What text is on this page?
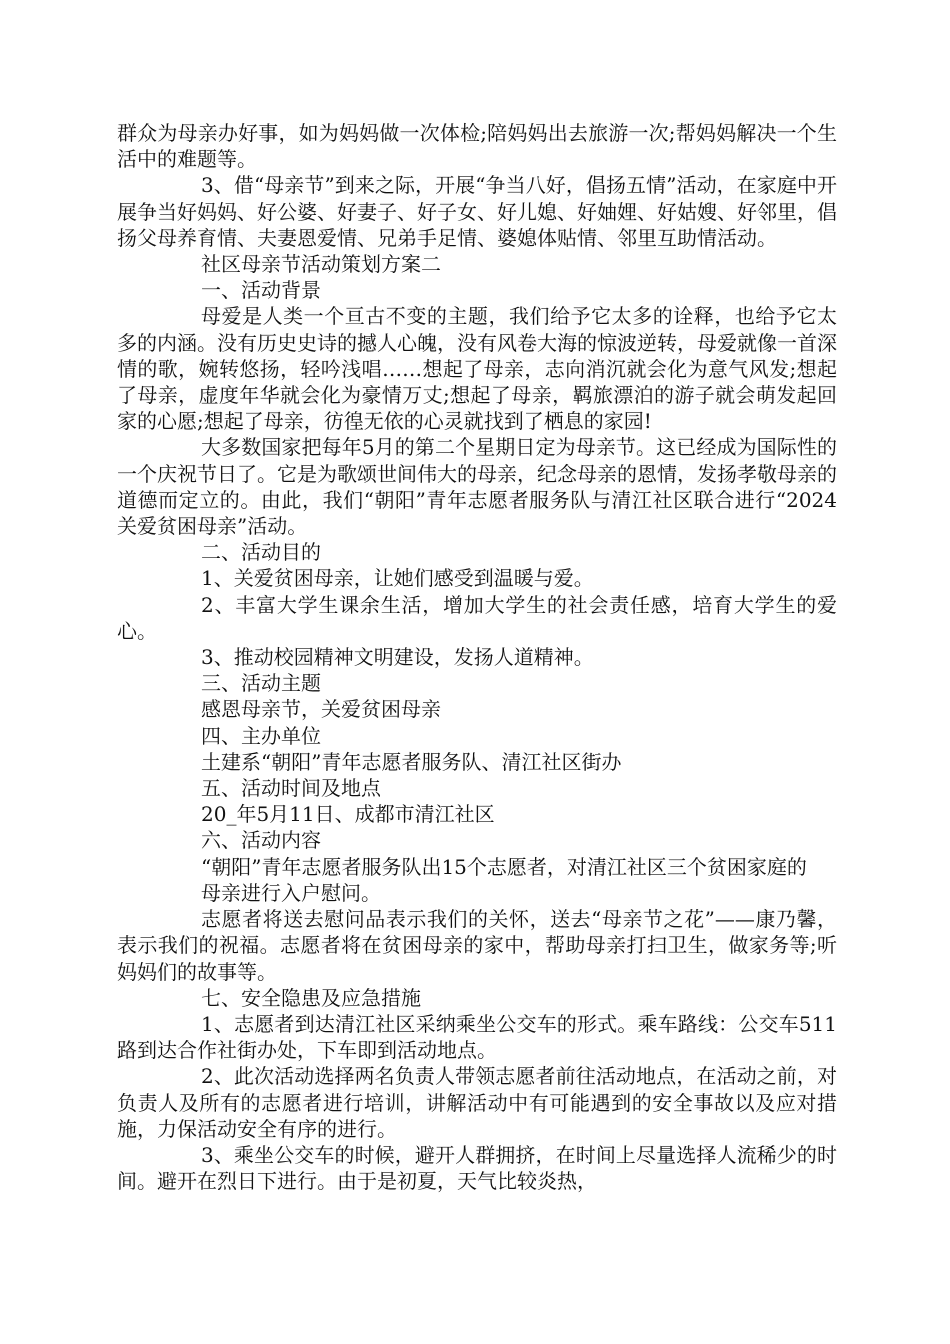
群众为母亲办好事，如为妈妈做一次体检;陪妈妈出去旅游一次;帮妈妈解决一个生活中的难题等。

3、借“母亲节”到来之际，开展“争当八好，倡扬五情”活动，在家庭中开展争当好妈妈、好公婆、好妻子、好子女、好儿媳、好妯娌、好姑嫂、好邻里，倡扬父母养育情、夫妻恩爱情、兄弟手足情、婆媳体贴情、邻里互助情活动。

社区母亲节活动策划方案二

一、活动背景

母爱是人类一个亘古不变的主题，我们给予它太多的诠释，也给予它太多的内涵。没有历史史诗的撼人心魄，没有风卷大海的惊波逆转，母爱就像一首深情的歌，婉转悠扬，轻吟浅唱……想起了母亲，志向消沉就会化为意气风发;想起了母亲，虚度年华就会化为豪情万丈;想起了母亲，羁旅漂泊的游子就会萌发起回家的心愿;想起了母亲，彷徨无依的心灵就找到了栖息的家园!

大多数国家把每年5月的第二个星期日定为母亲节。这已经成为国际性的一个庆祝节日了。它是为歌颂世间伟大的母亲，纪念母亲的恩情，发扬孝敬母亲的道德而定立的。由此，我们“朝阳”青年志愿者服务队与清江社区联合进行“2024关爱贫困母亲”活动。

二、活动目的

1、关爱贫困母亲，让她们感受到温暖与爱。

2、丰富大学生课余生活，增加大学生的社会责任感，培育大学生的爱心。

3、推动校园精神文明建设，发扬人道精神。

三、活动主题

感恩母亲节，关爱贫困母亲

四、主办单位

土建系“朝阳”青年志愿者服务队、清江社区街办

五、活动时间及地点

20_年5月11日、成都市清江社区

六、活动内容

“朝阳”青年志愿者服务队出15个志愿者，对清江社区三个贫困家庭的

母亲进行入户慰问。

志愿者将送去慰问品表示我们的关怀，送去“母亲节之花”——康乃馨，表示我们的祝福。志愿者将在贫困母亲的家中，帮助母亲打扫卫生，做家务等;听妈妈们的故事等。

七、安全隐患及应急措施

1、志愿者到达清江社区采纳乘坐公交车的形式。乘车路线：公交车511路到达合作社街办处，下车即到活动地点。

2、此次活动选择两名负责人带领志愿者前往活动地点，在活动之前，对负责人及所有的志愿者进行培训，讲解活动中有可能遇到的安全事故以及应对措施，力保活动安全有序的进行。

3、乘坐公交车的时候，避开人群拥挤，在时间上尽量选择人流稀少的时间。避开在烈日下进行。由于是初夏，天气比较炎热，
